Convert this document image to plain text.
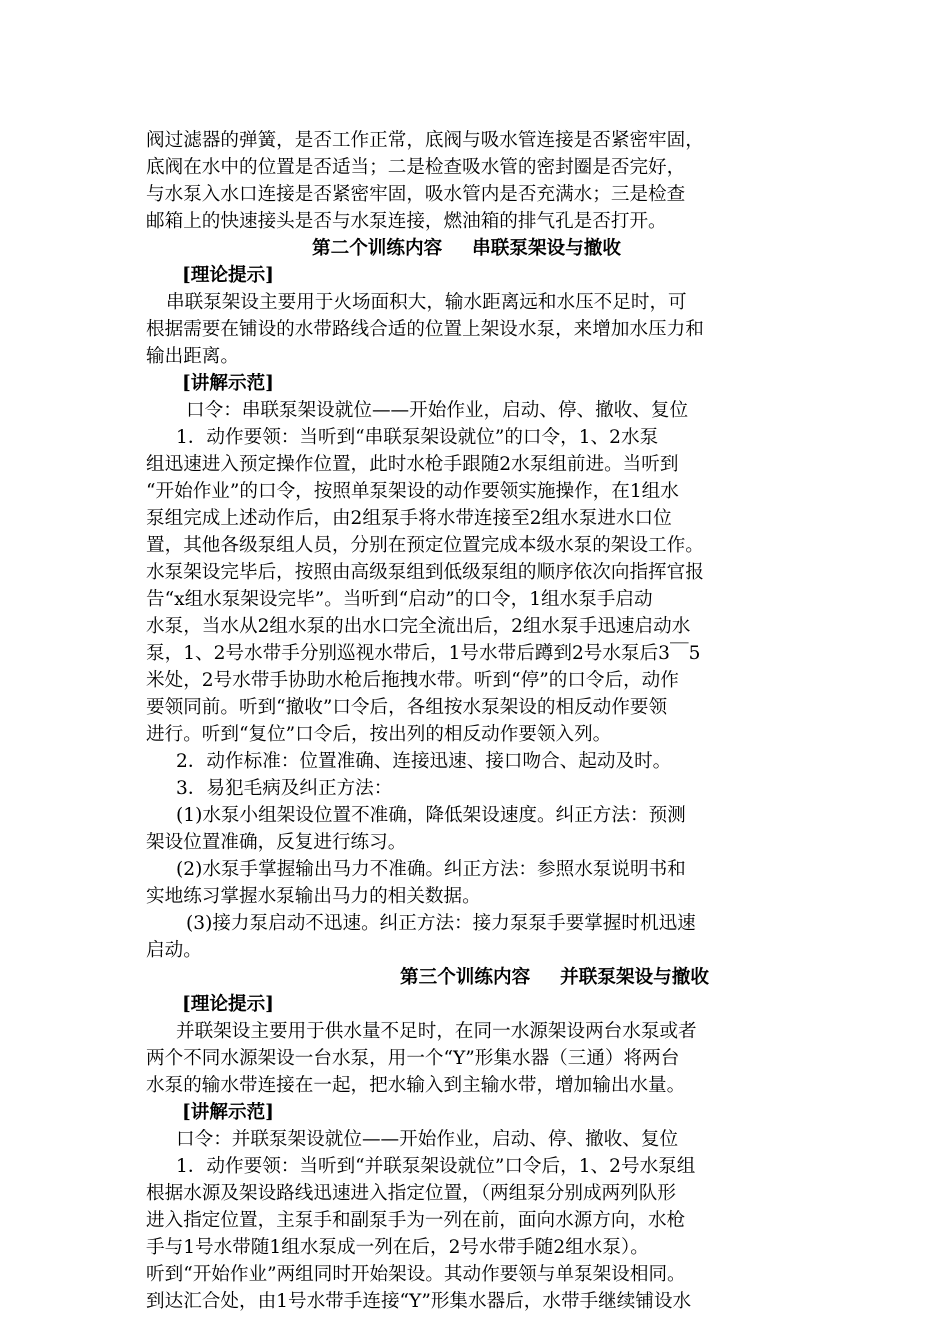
阀过滤器的弹簧，是否工作正常，底阀与吸水管连接是否紧密牢固，
底阀在水中的位置是否适当；二是检查吸水管的密封圈是否完好，
与水泵入水口连接是否紧密牢固，吸水管内是否充满水；三是检查
邮箱上的快速接头是否与水泵连接，燃油箱的排气孔是否打开。
第二个训练内容 串联泵架设与撤收
[理论提示]
串联泵架设主要用于火场面积大，输水距离远和水压不足时，可
根据需要在铺设的水带路线合适的位置上架设水泵，来增加水压力和
输出距离。
[讲解示范]
口令：串联泵架设就位——开始作业，启动、停、撤收、复位
1．动作要领：当听到“串联泵架设就位”的口令，1、2水泵
组迅速进入预定操作位置，此时水枪手跟随2水泵组前进。当听到
“开始作业”的口令，按照单泵架设的动作要领实施操作，在1组水
泵组完成上述动作后，由2组泵手将水带连接至2组水泵进水口位
置，其他各级泵组人员，分别在预定位置完成本级水泵的架设工作。
水泵架设完毕后，按照由高级泵组到低级泵组的顺序依次向指挥官报
告“x组水泵架设完毕”。当听到“启动”的口令，1组水泵手启动
水泵，当水从2组水泵的出水口完全流出后，2组水泵手迅速启动水
泵，1、2号水带手分别巡视水带后，1号水带后蹲到2号水泵后3￣5
米处，2号水带手协助水枪后拖拽水带。听到“停”的口令后，动作
要领同前。听到“撤收”口令后，各组按水泵架设的相反动作要领
进行。听到“复位”口令后，按出列的相反动作要领入列。
2．动作标准：位置准确、连接迅速、接口吻合、起动及时。
3．易犯毛病及纠正方法：
(1)水泵小组架设位置不准确，降低架设速度。纠正方法：预测
架设位置准确，反复进行练习。
(2)水泵手掌握输出马力不准确。纠正方法：参照水泵说明书和
实地练习掌握水泵输出马力的相关数据。
(3)接力泵启动不迅速。纠正方法：接力泵泵手要掌握时机迅速
启动。
第三个训练内容 并联泵架设与撤收
[理论提示]
并联架设主要用于供水量不足时，在同一水源架设两台水泵或者
两个不同水源架设一台水泵，用一个“Y”形集水器（三通）将两台
水泵的输水带连接在一起，把水输入到主输水带，增加输出水量。
[讲解示范]
口令：并联泵架设就位——开始作业，启动、停、撤收、复位
1．动作要领：当听到“并联泵架设就位”口令后，1、2号水泵组
根据水源及架设路线迅速进入指定位置，（两组泵分别成两列队形
进入指定位置，主泵手和副泵手为一列在前，面向水源方向，水枪
手与1号水带随1组水泵成一列在后，2号水带手随2组水泵）。
听到“开始作业”两组同时开始架设。其动作要领与单泵架设相同。
到达汇合处，由1号水带手连接“Y”形集水器后，水带手继续铺设水
